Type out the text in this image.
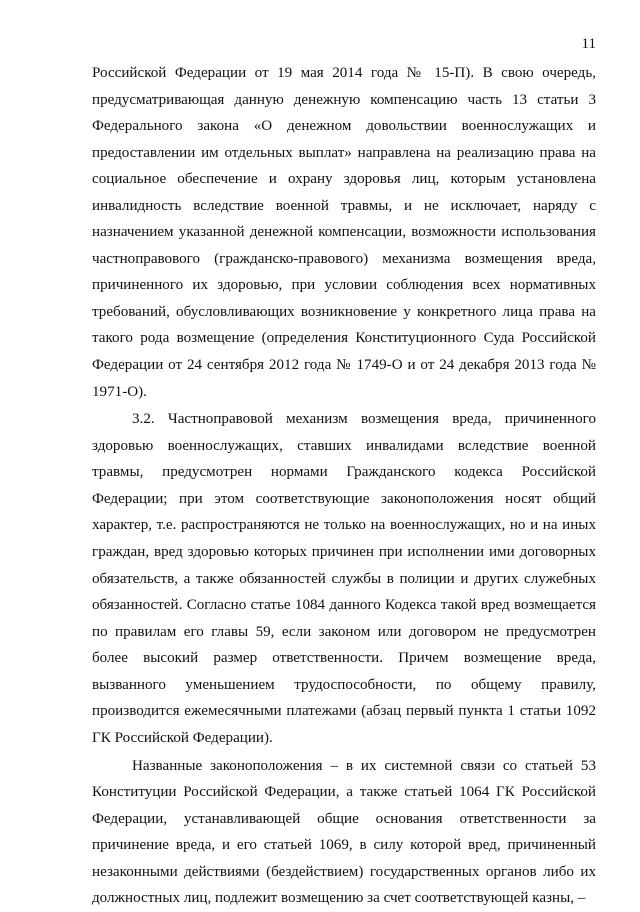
11

Российской Федерации от 19 мая 2014 года № 15-П). В свою очередь, предусматривающая данную денежную компенсацию часть 13 статьи 3 Федерального закона «О денежном довольствии военнослужащих и предоставлении им отдельных выплат» направлена на реализацию права на социальное обеспечение и охрану здоровья лиц, которым установлена инвалидность вследствие военной травмы, и не исключает, наряду с назначением указанной денежной компенсации, возможности использования частноправового (гражданско-правового) механизма возмещения вреда, причиненного их здоровью, при условии соблюдения всех нормативных требований, обусловливающих возникновение у конкретного лица права на такого рода возмещение (определения Конституционного Суда Российской Федерации от 24 сентября 2012 года № 1749-О и от 24 декабря 2013 года № 1971-О).

3.2. Частноправовой механизм возмещения вреда, причиненного здоровью военнослужащих, ставших инвалидами вследствие военной травмы, предусмотрен нормами Гражданского кодекса Российской Федерации; при этом соответствующие законоположения носят общий характер, т.е. распространяются не только на военнослужащих, но и на иных граждан, вред здоровью которых причинен при исполнении ими договорных обязательств, а также обязанностей службы в полиции и других служебных обязанностей. Согласно статье 1084 данного Кодекса такой вред возмещается по правилам его главы 59, если законом или договором не предусмотрен более высокий размер ответственности. Причем возмещение вреда, вызванного уменьшением трудоспособности, по общему правилу, производится ежемесячными платежами (абзац первый пункта 1 статьи 1092 ГК Российской Федерации).

Названные законоположения – в их системной связи со статьей 53 Конституции Российской Федерации, а также статьей 1064 ГК Российской Федерации, устанавливающей общие основания ответственности за причинение вреда, и его статьей 1069, в силу которой вред, причиненный незаконными действиями (бездействием) государственных органов либо их должностных лиц, подлежит возмещению за счет соответствующей казны, –
